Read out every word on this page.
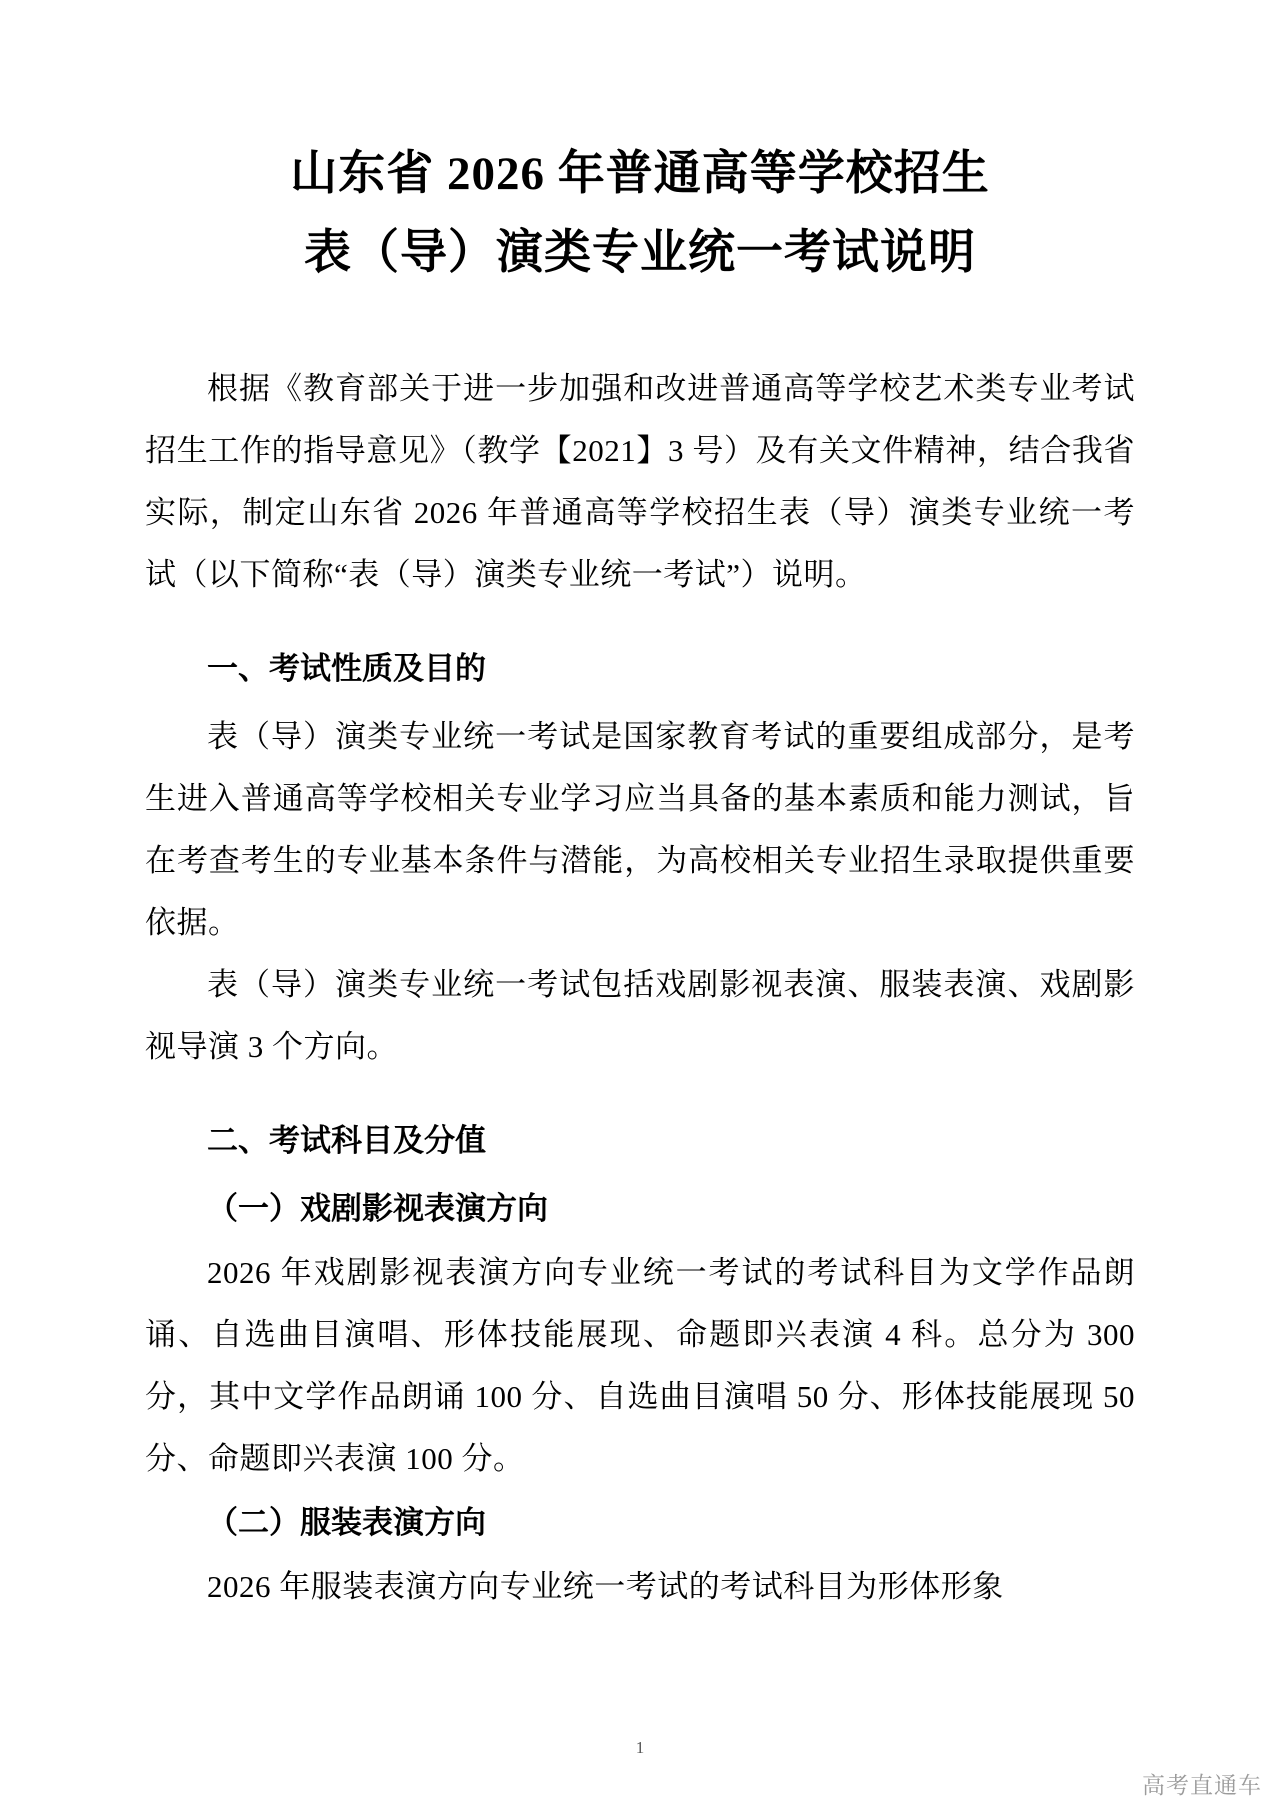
山东省 2026 年普通高等学校招生
表（导）演类专业统一考试说明

根据《教育部关于进一步加强和改进普通高等学校艺术类专业考试招生工作的指导意见》（教学【2021】3 号）及有关文件精神，结合我省实际，制定山东省 2026 年普通高等学校招生表（导）演类专业统一考试（以下简称“表（导）演类专业统一考试”）说明。

一、考试性质及目的

表（导）演类专业统一考试是国家教育考试的重要组成部分，是考生进入普通高等学校相关专业学习应当具备的基本素质和能力测试，旨在考查考生的专业基本条件与潜能，为高校相关专业招生录取提供重要依据。

表（导）演类专业统一考试包括戏剧影视表演、服装表演、戏剧影视导演 3 个方向。

二、考试科目及分值
（一）戏剧影视表演方向

2026 年戏剧影视表演方向专业统一考试的考试科目为文学作品朗诵、自选曲目演唱、形体技能展现、命题即兴表演 4 科。总分为 300 分，其中文学作品朗诵 100 分、自选曲目演唱 50 分、形体技能展现 50 分、命题即兴表演 100 分。

（二）服装表演方向

2026 年服装表演方向专业统一考试的考试科目为形体形象

1
高考直通车
